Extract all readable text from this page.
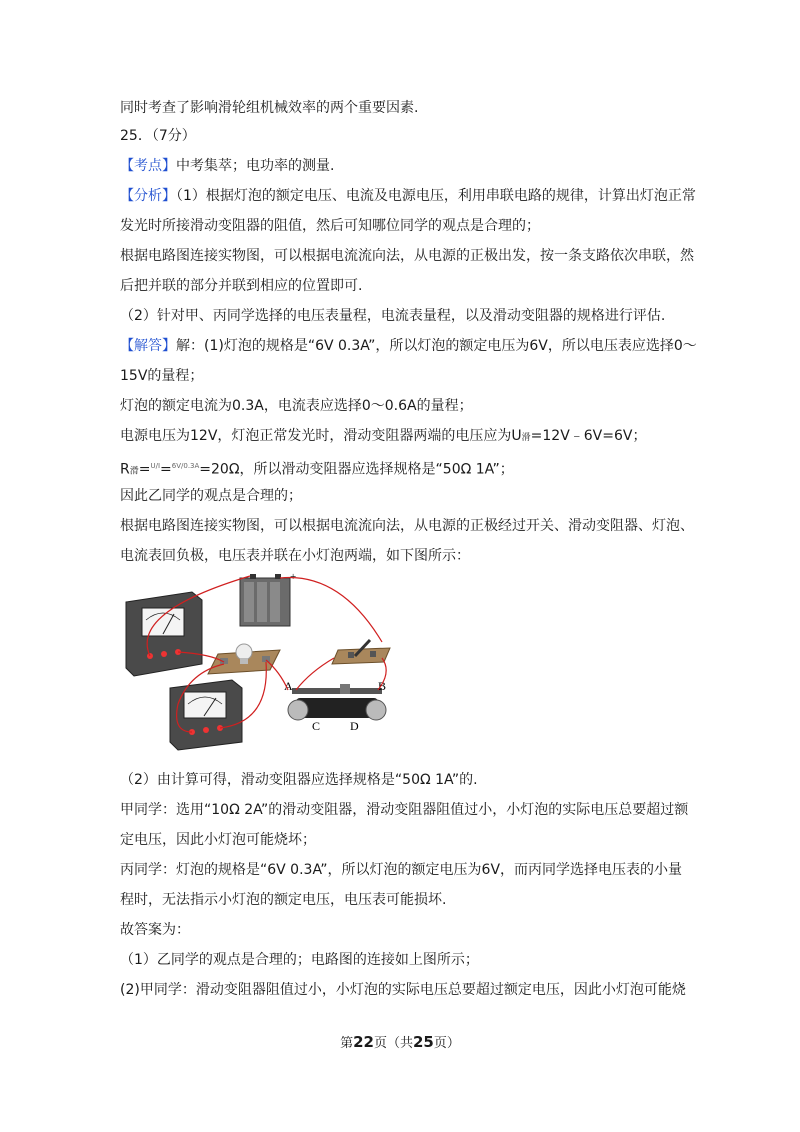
同时考查了影响滑轮组机械效率的两个重要因素.
25．（7分）
【考点】中考集萃；电功率的测量.
【分析】（1）根据灯泡的额定电压、电流及电源电压，利用串联电路的规律，计算出灯泡正常
发光时所接滑动变阻器的阻值，然后可知哪位同学的观点是合理的；
根据电路图连接实物图，可以根据电流流向法，从电源的正极出发，按一条支路依次串联，然
后把并联的部分并联到相应的位置即可.
（2）针对甲、丙同学选择的电压表量程，电流表量程，以及滑动变阻器的规格进行评估.
【解答】解：(1)灯泡的规格是“6V 0.3A”，所以灯泡的额定电压为6V，所以电压表应选择0～
15V的量程；
灯泡的额定电流为0.3A，电流表应选择0～0.6A的量程；
电源电压为12V，灯泡正常发光时，滑动变阻器两端的电压应为U滑=12V﹣6V=6V；
R滑=$^{U/I}$=$^{6V/0.3A}$=20Ω，所以滑动变阻器应选择规格是“50Ω 1A”；
因此乙同学的观点是合理的；
根据电路图连接实物图，可以根据电流流向法，从电源的正极经过开关、滑动变阻器、灯泡、
电流表回负极，电压表并联在小灯泡两端，如下图所示：
+
A	B
C D
（2）由计算可得，滑动变阻器应选择规格是“50Ω 1A”的.
甲同学：选用“10Ω 2A”的滑动变阻器，滑动变阻器阻值过小，小灯泡的实际电压总要超过额
定电压，因此小灯泡可能烧坏；
丙同学：灯泡的规格是“6V 0.3A”，所以灯泡的额定电压为6V，而丙同学选择电压表的小量
程时，无法指示小灯泡的额定电压，电压表可能损坏.
故答案为：
（1）乙同学的观点是合理的；电路图的连接如上图所示；
(2)甲同学：滑动变阻器阻值过小，小灯泡的实际电压总要超过额定电压，因此小灯泡可能烧
第22页（共25页）
